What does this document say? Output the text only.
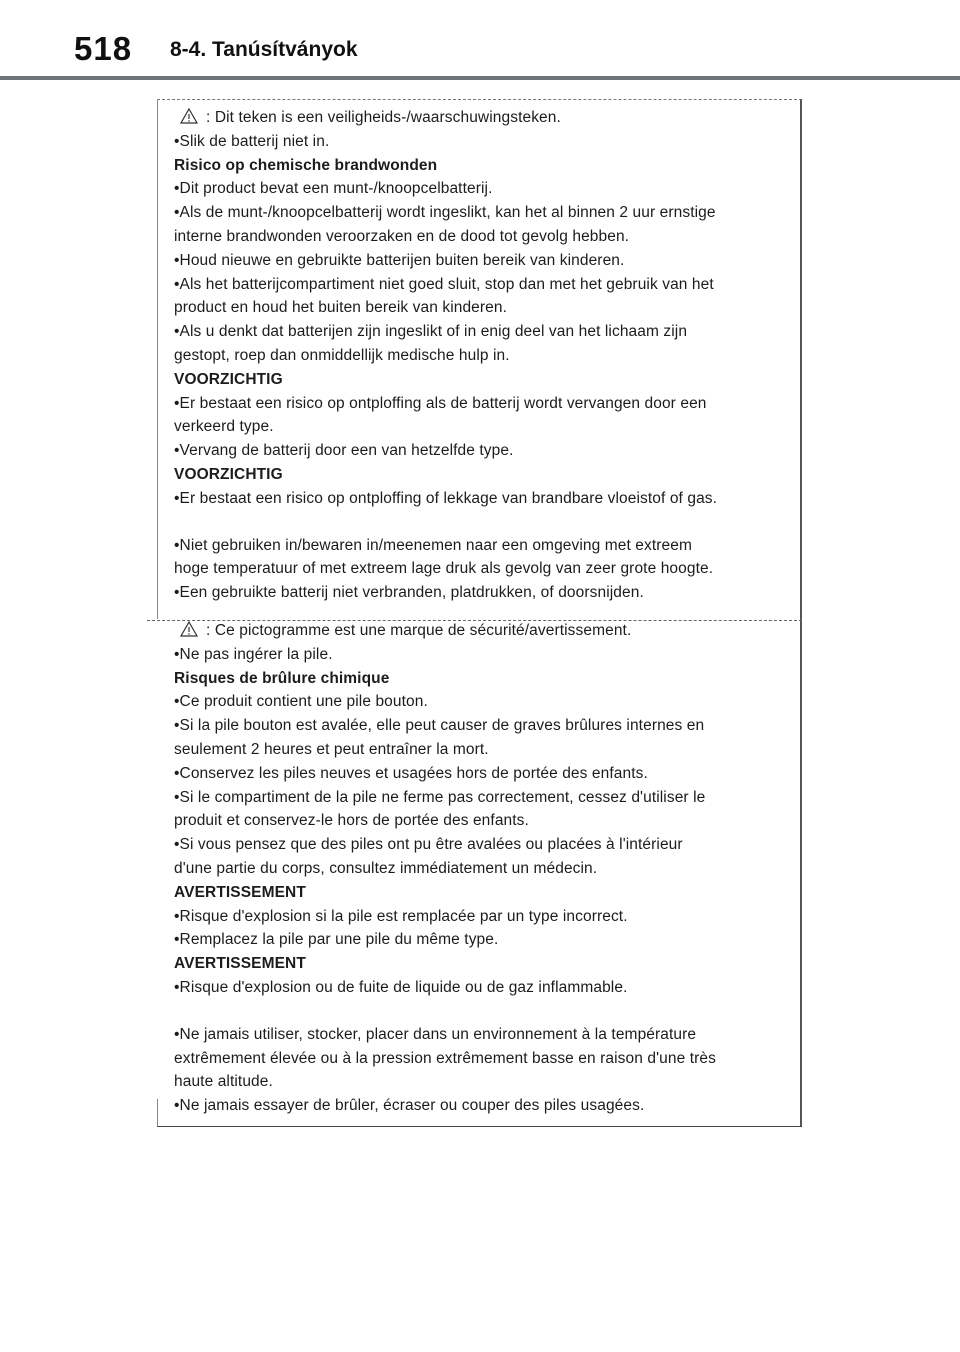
518 8-4. Tanúsítványok
: Dit teken is een veiligheids-/waarschuwingsteken.
•Slik de batterij niet in.
Risico op chemische brandwonden
•Dit product bevat een munt-/knoopcelbatterij.
•Als de munt-/knoopcelbatterij wordt ingeslikt, kan het al binnen 2 uur ernstige
interne brandwonden veroorzaken en de dood tot gevolg hebben.
•Houd nieuwe en gebruikte batterijen buiten bereik van kinderen.
•Als het batterijcompartiment niet goed sluit, stop dan met het gebruik van het
product en houd het buiten bereik van kinderen.
•Als u denkt dat batterijen zijn ingeslikt of in enig deel van het lichaam zijn
gestopt, roep dan onmiddellijk medische hulp in.
VOORZICHTIG
•Er bestaat een risico op ontploffing als de batterij wordt vervangen door een
verkeerd type.
•Vervang de batterij door een van hetzelfde type.
VOORZICHTIG
•Er bestaat een risico op ontploffing of lekkage van brandbare vloeistof of gas.
•Niet gebruiken in/bewaren in/meenemen naar een omgeving met extreem
hoge temperatuur of met extreem lage druk als gevolg van zeer grote hoogte.
•Een gebruikte batterij niet verbranden, platdrukken, of doorsnijden.
: Ce pictogramme est une marque de sécurité/avertissement.
•Ne pas ingérer la pile.
Risques de brûlure chimique
•Ce produit contient une pile bouton.
•Si la pile bouton est avalée, elle peut causer de graves brûlures internes en
seulement 2 heures et peut entraîner la mort.
•Conservez les piles neuves et usagées hors de portée des enfants.
•Si le compartiment de la pile ne ferme pas correctement, cessez d'utiliser le
produit et conservez-le hors de portée des enfants.
•Si vous pensez que des piles ont pu être avalées ou placées à l'intérieur
d'une partie du corps, consultez immédiatement un médecin.
AVERTISSEMENT
•Risque d'explosion si la pile est remplacée par un type incorrect.
•Remplacez la pile par une pile du même type.
AVERTISSEMENT
•Risque d'explosion ou de fuite de liquide ou de gaz inflammable.
•Ne jamais utiliser, stocker, placer dans un environnement à la température
extrêmement élevée ou à la pression extrêmement basse en raison d'une très
haute altitude.
•Ne jamais essayer de brûler, écraser ou couper des piles usagées.
